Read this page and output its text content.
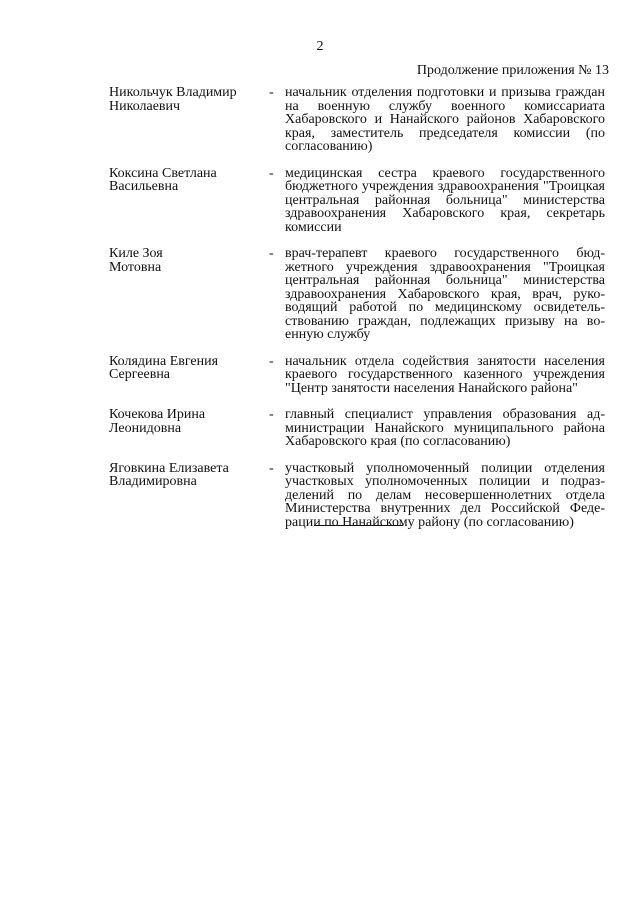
2
Продолжение приложения № 13
Никольчук Владимир
Николаевич
- начальник отделения подготовки и призыва граждан на военную службу военного комиссариата Хабаровского и Нанайского районов Хабаровского края, заместитель председателя комиссии (по согласованию)
Коксина Светлана
Васильевна
- медицинская сестра краевого государственного бюджетного учреждения здравоохранения "Троицкая центральная районная больница" министерства здравоохранения Хабаровского края, секретарь комиссии
Киле Зоя
Мотовна
- врач-терапевт краевого государственного бюджетного учреждения здравоохранения "Троицкая центральная районная больница" министерства здравоохранения Хабаровского края, врач, руководящий работой по медицинскому освидетельствованию граждан, подлежащих призыву на военную службу
Колядина Евгения
Сергеевна
- начальник отдела содействия занятости населения краевого государственного казенного учреждения "Центр занятости населения Нанайского района"
Кочекова Ирина
Леонидовна
- главный специалист управления образования администрации Нанайского муниципального района Хабаровского края (по согласованию)
Яговкина Елизавета
Владимировна
- участковый уполномоченный полиции отделения участковых уполномоченных полиции и подразделений по делам несовершеннолетних отдела Министерства внутренних дел Российской Федерации по Нанайскому району (по согласованию)
